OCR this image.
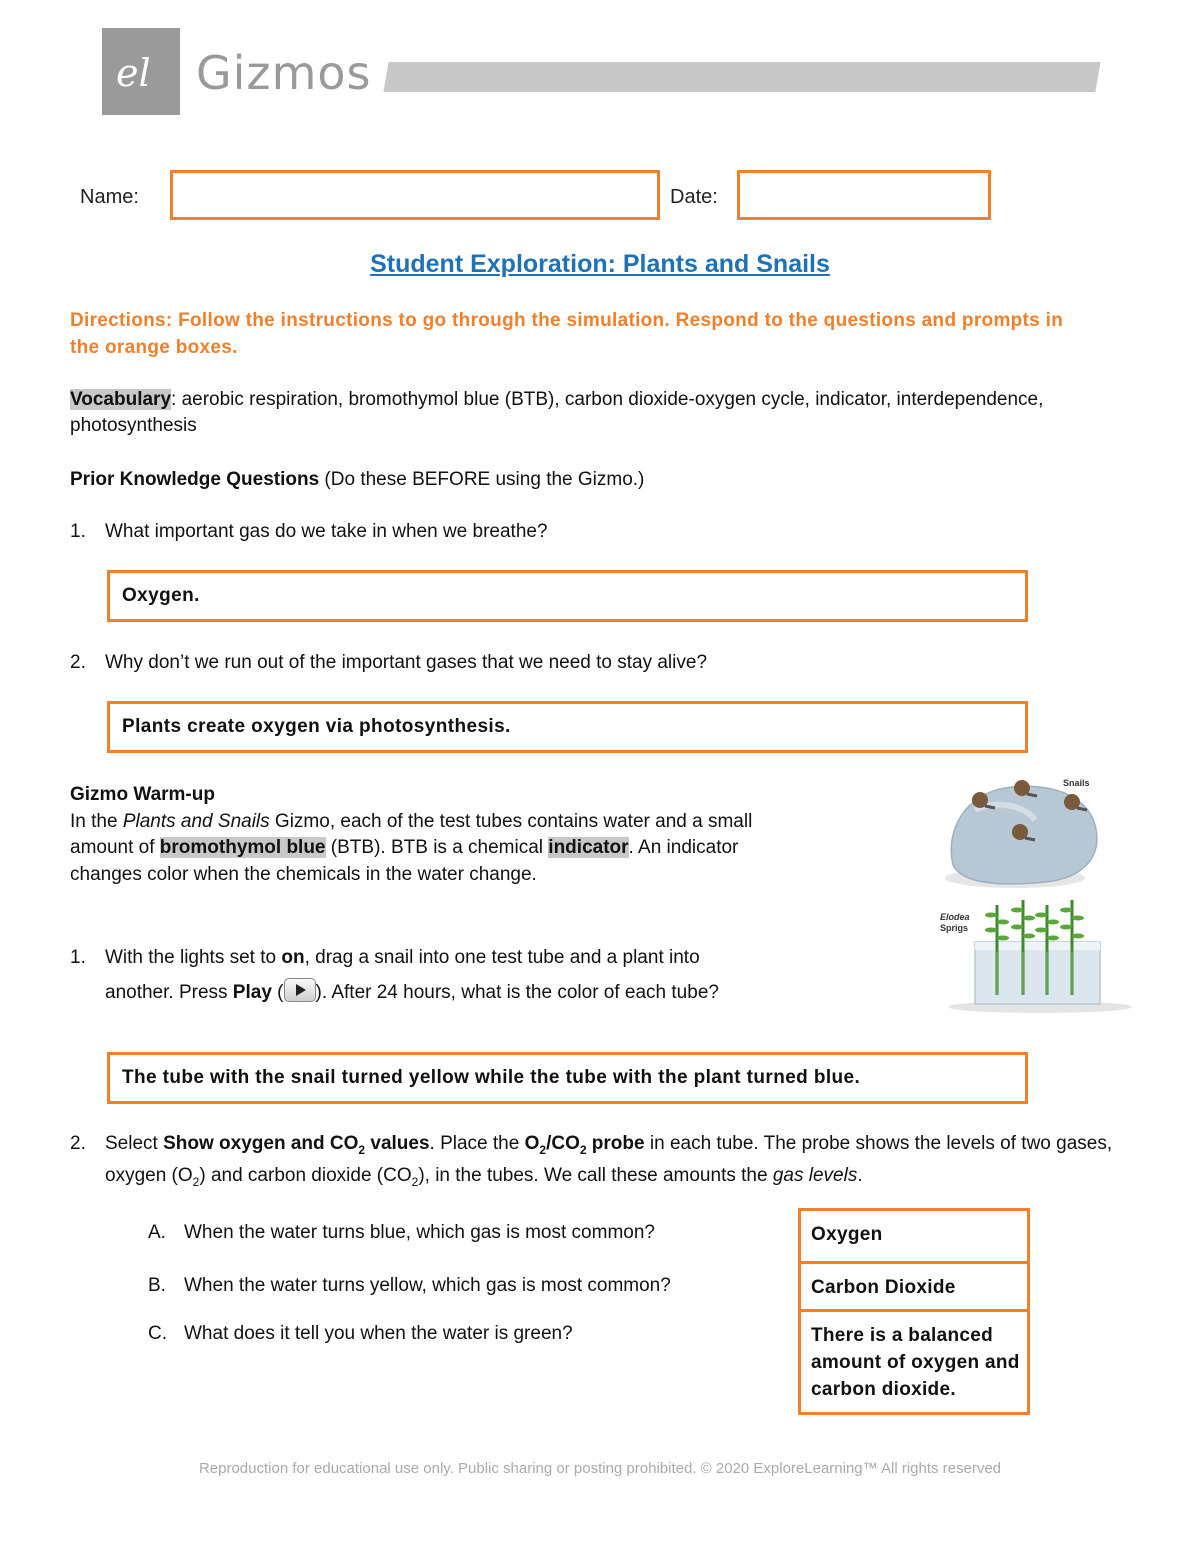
el Gizmos
Name:	Date:
Student Exploration: Plants and Snails
Directions: Follow the instructions to go through the simulation. Respond to the questions and prompts in the orange boxes.
Vocabulary: aerobic respiration, bromothymol blue (BTB), carbon dioxide-oxygen cycle, indicator, interdependence, photosynthesis
Prior Knowledge Questions (Do these BEFORE using the Gizmo.)
1. What important gas do we take in when we breathe?
Oxygen.
2. Why don’t we run out of the important gases that we need to stay alive?
Plants create oxygen via photosynthesis.
Gizmo Warm-up
In the Plants and Snails Gizmo, each of the test tubes contains water and a small amount of bromothymol blue (BTB). BTB is a chemical indicator. An indicator changes color when the chemicals in the water change.
Snails
Elodea
Sprigs
1. With the lights set to on, drag a snail into one test tube and a plant into another. Press Play ( ). After 24 hours, what is the color of each tube?
The tube with the snail turned yellow while the tube with the plant turned blue.
2. Select Show oxygen and $CO_2$ values. Place the $O_2/CO_2$ probe in each tube. The probe shows the levels of two gases, oxygen $(O_2)$ and carbon dioxide $(CO_2)$, in the tubes. We call these amounts the gas levels.
A. When the water turns blue, which gas is most common?
B. When the water turns yellow, which gas is most common?
C. What does it tell you when the water is green?
Oxygen
Carbon Dioxide
There is a balanced amount of oxygen and carbon dioxide.
Reproduction for educational use only. Public sharing or posting prohibited. © 2020 ExploreLearning™ All rights reserved
